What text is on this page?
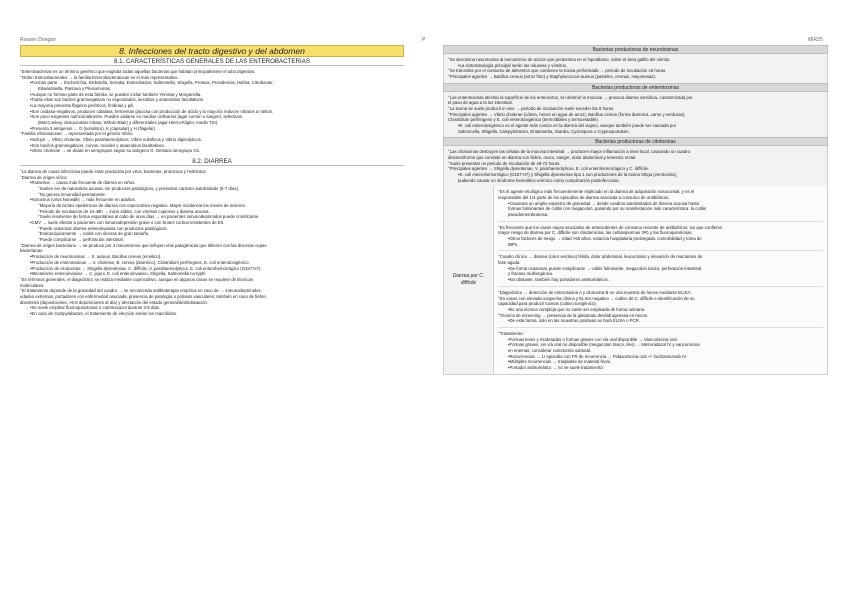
Rossen Dongan	P	MIR25
8. Infecciones del tracto digestivo y del abdomen
8.1. CARACTERÍSTICAS GENERALES DE LAS ENTEROBACTERIAS
° Enterobacterias es un término genérico que engloba todas aquellas bacterias que habitan principalmente el tubo digestivo.
° Orden Enterobacterales → la familia Enterobacteriaceae es el más representativo.
• Forman parte → Escherichia, Klebsiella, Serratia, Enterobacter, Salmonella, Shigella, Proteus, Providencia, Hafnia, Citrobacter,
Edwardsiella, Pantoea y Plesiomonas.
• Aunque no forman parte de esta familia, se pueden incluir también Yersinia y Morganella.
• Todas ellas son bacilos gramnegativos no esporulados, aerobios y anaerobios facultativos.
• La mayoría presenta flagelos perítricos, fimbrias y pili.
• Son oxidasa-negativos, producen catalasa, fermentan glucosa con producción de ácido y la mayoría reducen nitratos a nitritos.
• Son poco exigentes nutricionalmente. Pueden aislarse en medios ordinarios (agar común o sangre), selectivos
(MacConkey, desoxicolato-citrato, Wilson-Blair) y diferenciales (agar Hierro-Kligler, medio TSI).
• Presenta 3 antígenos → O (somático), K (capsular) y H (flagelar).
° Familia Vibrionaceae → representada por el género Vibrio.
• Incluye → Vibrio cholerae, Vibrio parahaemolyticus, Vibrio vulnificus y Vibrio alginolyticus.
• Son bacilos gramnegativos, curvos, móviles y anaerobios facultativos.
• Vibrio cholerae → se divide en serogrupos según su antígeno O. Destaca serogrupo O1.
8.2. DIARREA
° La diarrea de causa infecciosa puede estar producida por virus, bacterias, protozoos y helmintos.
° Diarrea de origen vírico:
• Rotavirus → causa más frecuente de diarrea en niños.
° Suelen ser de naturaleza acuosa, sin productos patológicos, y presentar carácter autolimitado (5-7 días).
° No genera inmunidad permanente.
• Norovirus (virus Norwalk) → más frecuente en adultos.
° Mayoría de brotes epidémicos de diarrea con coprocultivo negativo. Mayor incidencia los meses de invierno.
° Periodo de incubación de 24-48h → inicio súbito, con vómitos copiosos y diarrea acuosa.
° Suele resolverse de forma espontánea al cabo de unos días → en pacientes inmunodeprimidos puede cronificarse.
• CMV → suele afectar a pacientes con inmunodepresión grave o con brotes corticorresistentes de EII.
° Puede ocasionar diarrea enteroinvasiva con productos patológicos.
° Endoscópicamente → colitis con úlceras de gran tamaño.
° Puede complicarse → perforación intestinal.
° Diarrea de origen bacteriano → se produce por 4 mecanismos que influyen vías patogénicas que difieren con las diversas cepas
bacterianas:
• Producción de neurotoxinas → S. aureus, Bacillus cereus (emético).
• Producción de enterotoxinas → V. cholerae, B. cereus (diarreico), Clostridium perfringens, E. coli enterotoxigénico.
• Producción de citotoxinas → Shigella dysenteriae, C. difficile, V. parahaemolyticus, E. coli enterohemorrágico (O157:H7).
• Mecanismo enteroinvasivo → C. jejuni, E. coli enteroinvasivo, Shigella, Salmonella no-typhi.
° En términos generales, el diagnóstico se realiza mediante coprocultivo, aunque en algunos casos se requiere de técnicas
moleculares.
° El tratamiento depende de la gravedad del cuadro → se recomienda antibioterapia empírica en caso de → inmunodeprimidos,
edades extremas, portadores con enfermedad asociada, presencia de patología o prótesis vasculares; también en caso de fiebre,
disentería (deposiciones, >6-8 deposiciones al día) y afectación del estado general/deshidratación.
• Se suele emplear fluoroquinolonas o cotrimoxazol durante 3-5 días.
• En caso de Campylobacter, el tratamiento de elección serían los macrólidos.
Bacterias productoras de neurotoxinas
° Se denomina neurotoxina al mecanismo de acción que predomina en el hipotálamo, sobre el área gatillo del vómito.
• La sintomatología principal serán las náuseas y vómitos.
° Se transmite por el consumo de alimentos que contienen la toxina preformada → periodo de incubación ≤6 horas.
° Principales agentes → Bacillus cereus (arroz frito) y Staphylococcus aureus (pasteles, cremas, mayonesas).
Bacterias productoras de enterotoxinas
° Las enterotoxinas afectan la superficie de los enterocitos, sin destruir la mucosa → provoca diarrea osmótica, caracterizada por
el paso de agua a la luz intestinal.
° La toxina se suele producir in vivo → periodo de incubación suele exceder las 8 horas.
° Principales agentes → Vibrio cholerae (cólera, heces en agua de arroz), Bacillus cereus (forma diarreica, carne y verduras),
Clostridium perfringens y E. coli enterotoxigénico (termolábiles y termoestable).
• E. coli enterotoxigénico es el agente más común en la diarrea del viajero, aunque también puede ser causada por
Salmonella, Shigella, Campylobacter, Entamoeba, Giardia, Cyclospora o Cryptosporidium.
Bacterias productoras de citotoxinas
° Las citotoxinas destruyen las células de la mucosa intestinal → producen mayor inflamación a nivel local, causando un cuadro
disenteriforme que consiste en diarrea con fiebre, moco, sangre, dolor abdominal y tenesmo rectal.
° Suele presentar un periodo de incubación de 48-72 horas.
° Principales agentes → Shigella dysenteriae, V. parahaemolyticus, E. coli enterohemorrágico y C. difficile.
• E. coli enterohemorrágico (O157:H7) y Shigella dysenteriae tipo 1 son productores de la toxina Shiga (verotoxina),
pudiendo causar un síndrome hemolítico-urémico como complicación postinfecciosa.
Diarrea por C. difficile
° Es el agente etiológico más frecuentemente implicado en la diarrea de adquisición nosocomial, y es el
responsable del 1/4 parte de los episodios de diarrea asociada a consumo de antibióticos.
• Ocasiona un amplio espectro de gravedad → desde cuadros autolimitados de diarrea acuosa hasta
formas fulminantes de colitis con megacolon, pasando por su manifestación más característica: la colitis
pseudomembranosa.
° Es frecuente que los casos vayan asociados de antecedentes de consumo reciente de antibióticos; los que confieren
mayor riesgo de diarrea por C. difficile son clindamicina, las cefalosporinas 3ªG y las fluoroquinolonas.
• Otros factores de riesgo → edad >65 años, estancia hospitalaria prolongada, comorbilidad y toma de
IBPs.
° Cuadro clínico → diarrea (color verdoso) fétida, dolor abdominal, leucocitosis y elevación de reactantes de
fase aguda.
• De forma ocasional, puede complicarse → colitis fulminante, megacolon tóxico, perforación intestinal
y fracaso multiorgánico.
• No obstante, también hay portadores asintomáticos.
° Diagnóstico → detección de enterotoxina A y citotoxina B en una muestra de heces mediante ELISA.
° En casos con elevada sospecha clínica y ELISA negativo → cultivo de C. difficile e identificación de su
capacidad para producir toxinas (cultivo toxigénico).
• Es una técnica compleja que no suele ser empleada de forma rutinaria.
° Técnica de screening → presencia de la glutamato deshidrogenasa en heces.
• De esta forma, solo en las muestras positivas se hará ELISA o PCR.
° Tratamiento:
• Formas leves y moderadas o formas graves con vía oral disponible → Vancomicina oral.
• Formas graves, sin vía oral no disponible (megacolon tóxico, íleo) → Metronidazol IV y vancomicina
en enemas, considerar colectomía subtotal.
• Recurrencias → 1r episodio con FR de recurrencia → Fidaxomicina oral +/- bezlotoxumab IV.
• Múltiples recurrencias → trasplante de material fecal.
• Portador asintomático → no se suele tratamiento.
